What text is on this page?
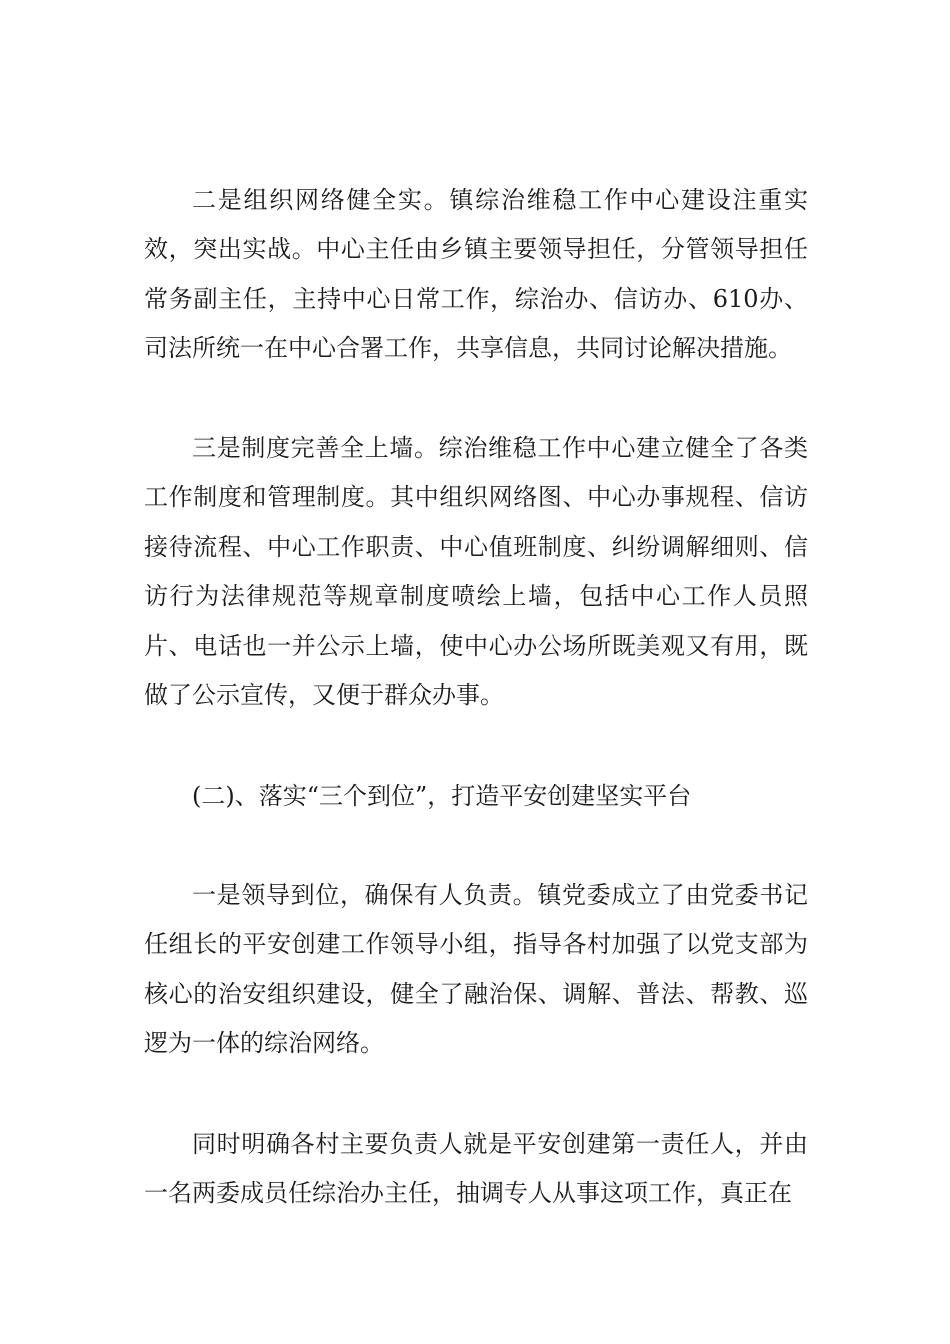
二是组织网络健全实。镇综治维稳工作中心建设注重实效，突出实战。中心主任由乡镇主要领导担任，分管领导担任常务副主任，主持中心日常工作，综治办、信访办、610办、司法所统一在中心合署工作，共享信息，共同讨论解决措施。

三是制度完善全上墙。综治维稳工作中心建立健全了各类工作制度和管理制度。其中组织网络图、中心办事规程、信访接待流程、中心工作职责、中心值班制度、纠纷调解细则、信访行为法律规范等规章制度喷绘上墙，包括中心工作人员照片、电话也一并公示上墙，使中心办公场所既美观又有用，既做了公示宣传，又便于群众办事。

(二)、落实“三个到位”，打造平安创建坚实平台

一是领导到位，确保有人负责。镇党委成立了由党委书记任组长的平安创建工作领导小组，指导各村加强了以党支部为核心的治安组织建设，健全了融治保、调解、普法、帮教、巡逻为一体的综治网络。

同时明确各村主要负责人就是平安创建第一责任人，并由一名两委成员任综治办主任，抽调专人从事这项工作，真正在
